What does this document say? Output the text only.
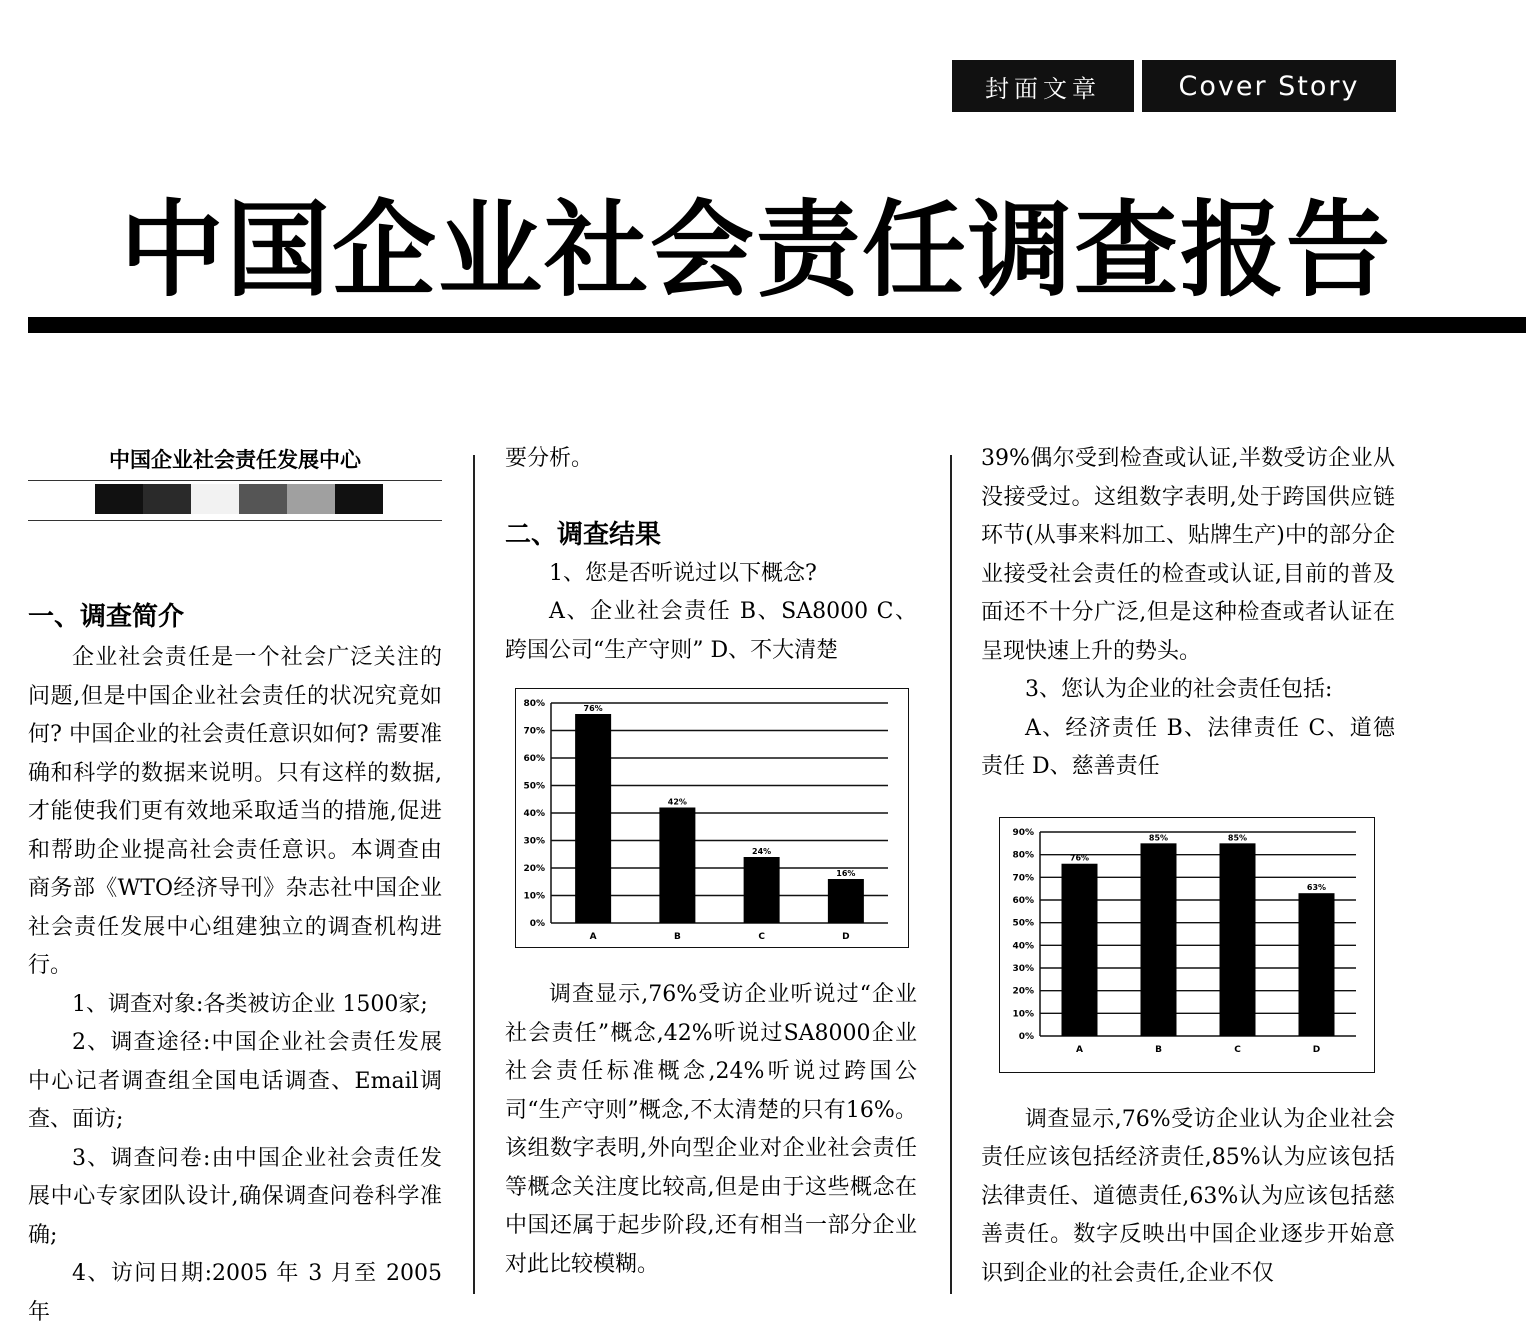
封面文章	Cover Story
中国企业社会责任调查报告
中国企业社会责任发展中心
一、调查简介

企业社会责任是一个社会广泛关注的问题,但是中国企业社会责任的状况究竟如何? 中国企业的社会责任意识如何? 需要准确和科学的数据来说明。只有这样的数据,才能使我们更有效地采取适当的措施,促进和帮助企业提高社会责任意识。本调查由商务部《WTO经济导刊》杂志社中国企业社会责任发展中心组建独立的调查机构进行。

1、调查对象:各类被访企业 1500家;

2、调查途径:中国企业社会责任发展中心记者调查组全国电话调查、Email调查、面访;

3、调查问卷:由中国企业社会责任发展中心专家团队设计,确保调查问卷科学准确;

4、访问日期:2005 年 3 月至 2005 年

要分析。

二、调查结果

1、您是否听说过以下概念?

A、企业社会责任 B、SA8000 C、跨国公司“生产守则” D、不大清楚

0%
10%
20%
30%
40%
50%
60%
70%
80%	76%
A
42%
B
24%
C
16%
D

调查显示,76%受访企业听说过“企业社会责任”概念,42%听说过SA8000企业社会责任标准概念,24%听说过跨国公司“生产守则”概念,不太清楚的只有16%。该组数字表明,外向型企业对企业社会责任等概念关注度比较高,但是由于这些概念在中国还属于起步阶段,还有相当一部分企业对此比较模糊。

39%偶尔受到检查或认证,半数受访企业从没接受过。这组数字表明,处于跨国供应链环节(从事来料加工、贴牌生产)中的部分企业接受社会责任的检查或认证,目前的普及面还不十分广泛,但是这种检查或者认证在呈现快速上升的势头。

3、您认为企业的社会责任包括:

A、经济责任 B、法律责任 C、道德责任 D、慈善责任

0%
10%
20%
30%
40%
50%
60%
70%
80%
90%
76%
A
85%
B
85%
C
63%
D

调查显示,76%受访企业认为企业社会责任应该包括经济责任,85%认为应该包括法律责任、道德责任,63%认为应该包括慈善责任。数字反映出中国企业逐步开始意识到企业的社会责任,企业不仅
